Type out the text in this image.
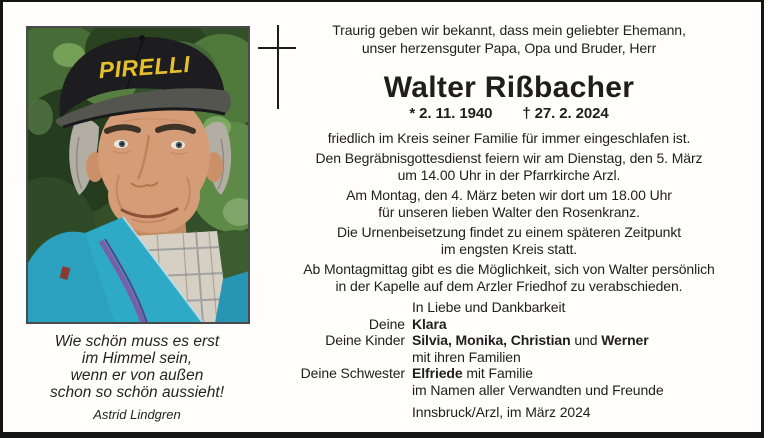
PIRELLI
Wie schön muss es erst
im Himmel sein,
wenn er von außen
schon so schön aussieht!
Astrid Lindgren
Traurig geben wir bekannt, dass mein geliebter Ehemann,
unser herzensguter Papa, Opa und Bruder, Herr
Walter Rißbacher
* 2. 11. 1940 † 27. 2. 2024
friedlich im Kreis seiner Familie für immer eingeschlafen ist.
Den Begräbnisgottesdienst feiern wir am Dienstag, den 5. März
um 14.00 Uhr in der Pfarrkirche Arzl.
Am Montag, den 4. März beten wir dort um 18.00 Uhr
für unseren lieben Walter den Rosenkranz.
Die Urnenbeisetzung findet zu einem späteren Zeitpunkt
im engsten Kreis statt.
Ab Montagmittag gibt es die Möglichkeit, sich von Walter persönlich
in der Kapelle auf dem Arzler Friedhof zu verabschieden.
In Liebe und Dankbarkeit
Deine Klara
Deine Kinder Silvia, Monika, Christian und Werner
mit ihren Familien
Deine Schwester Elfriede mit Familie
im Namen aller Verwandten und Freunde
Innsbruck/Arzl, im März 2024
